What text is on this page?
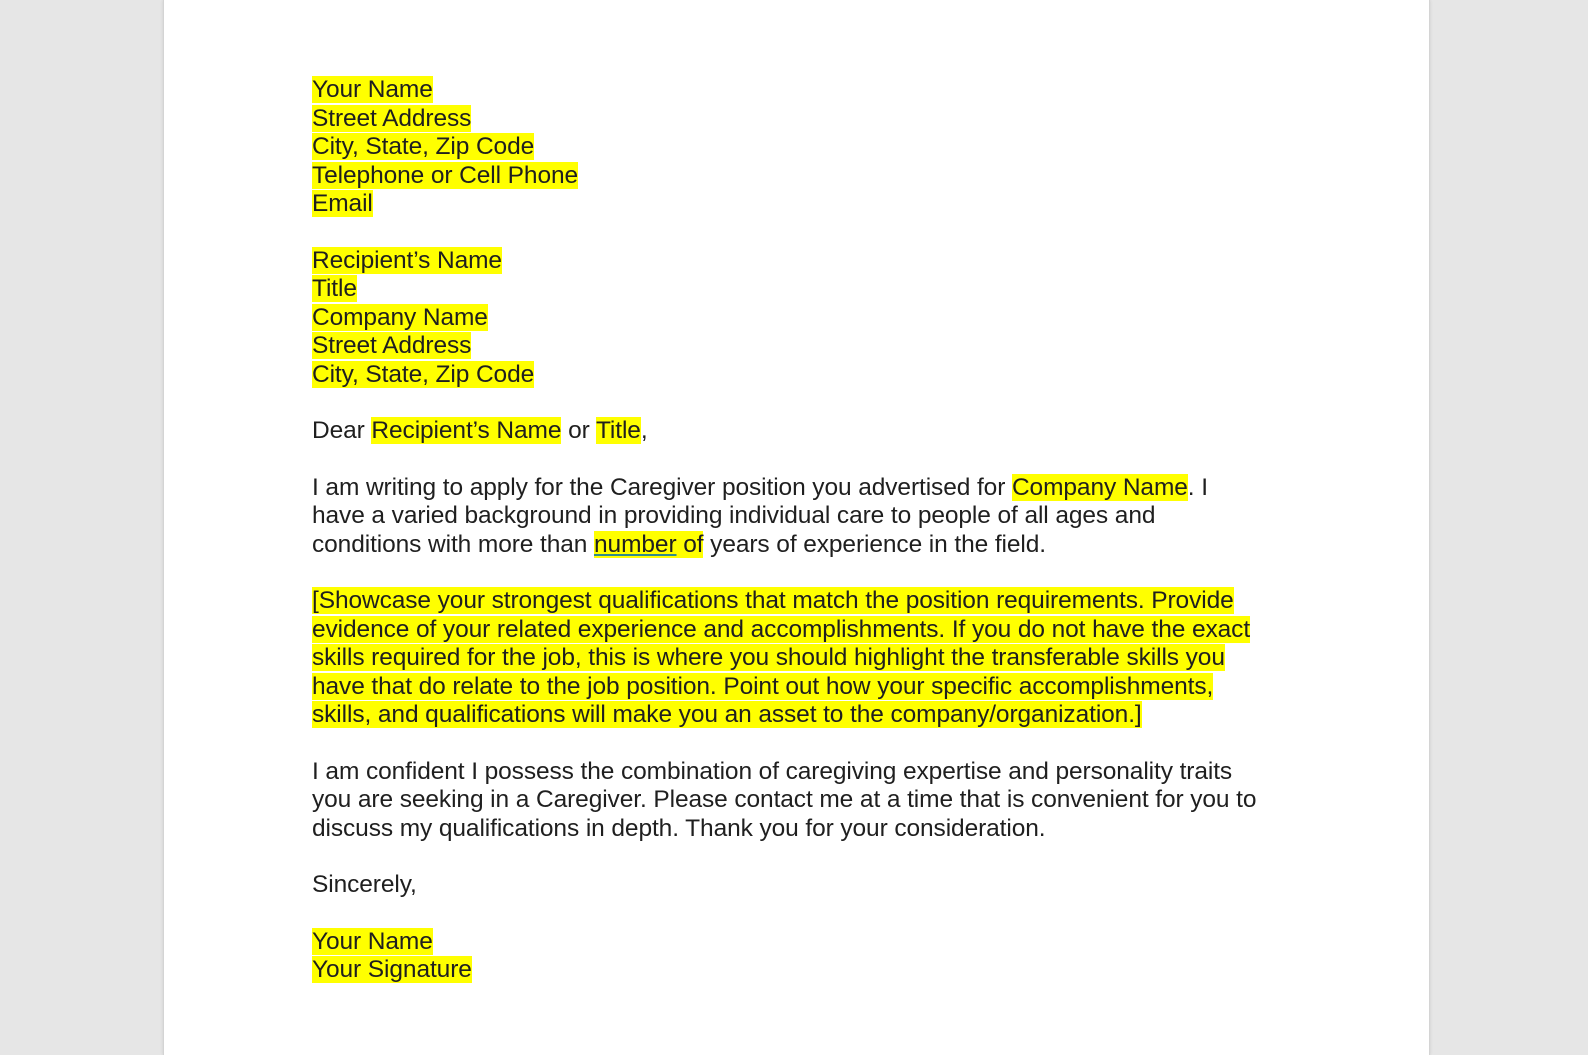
Your Name
Street Address
City, State, Zip Code
Telephone or Cell Phone
Email
Recipient’s Name
Title
Company Name
Street Address
City, State, Zip Code
Dear Recipient’s Name or Title,
I am writing to apply for the Caregiver position you advertised for Company Name. I
have a varied background in providing individual care to people of all ages and
conditions with more than number of years of experience in the field.
[Showcase your strongest qualifications that match the position requirements. Provide
evidence of your related experience and accomplishments. If you do not have the exact
skills required for the job, this is where you should highlight the transferable skills you
have that do relate to the job position. Point out how your specific accomplishments,
skills, and qualifications will make you an asset to the company/organization.]
I am confident I possess the combination of caregiving expertise and personality traits
you are seeking in a Caregiver. Please contact me at a time that is convenient for you to
discuss my qualifications in depth. Thank you for your consideration.
Sincerely,
Your Name
Your Signature
